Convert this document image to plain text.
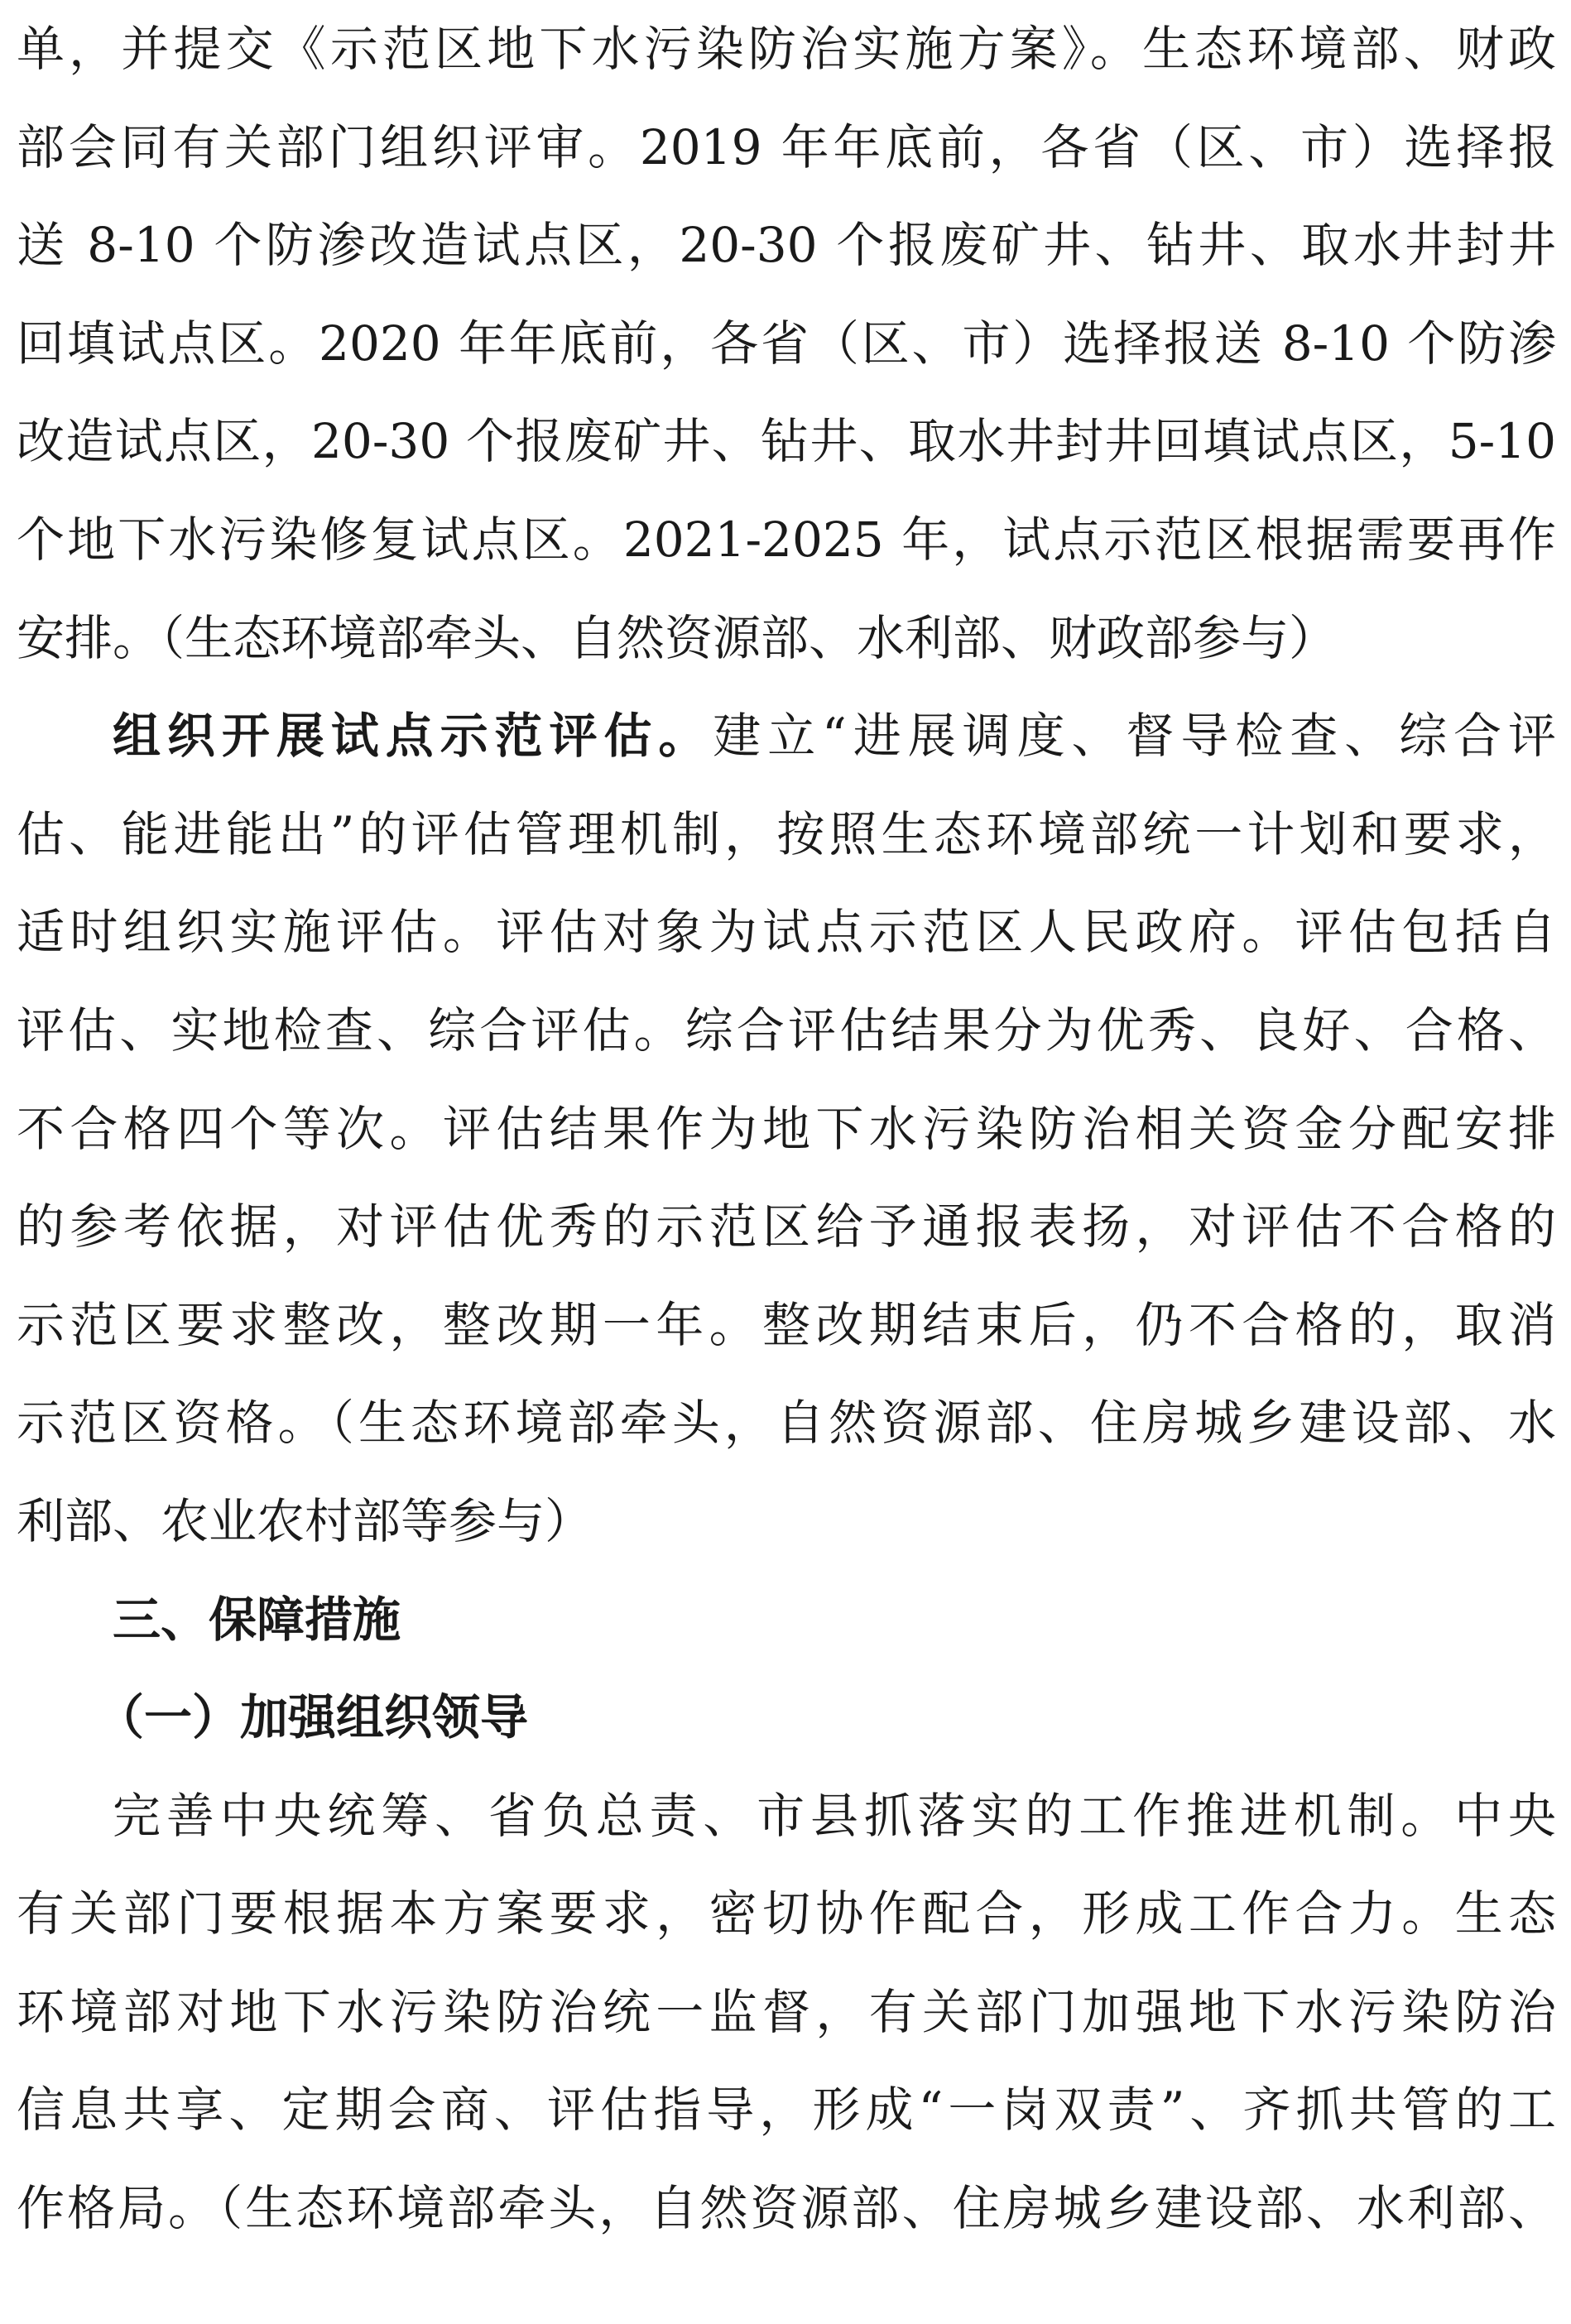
单，并提交《示范区地下水污染防治实施方案》。生态环境部、财政
部会同有关部门组织评审。2019 年年底前，各省（区、市）选择报
送 8-10 个防渗改造试点区，20-30 个报废矿井、钻井、取水井封井
回填试点区。2020 年年底前，各省（区、市）选择报送 8-10 个防渗
改造试点区，20-30 个报废矿井、钻井、取水井封井回填试点区，5-10
个地下水污染修复试点区。2021-2025 年，试点示范区根据需要再作
安排。（生态环境部牵头、自然资源部、水利部、财政部参与）
组织开展试点示范评估。建立“进展调度、督导检查、综合评
估、能进能出”的评估管理机制，按照生态环境部统一计划和要求，
适时组织实施评估。评估对象为试点示范区人民政府。评估包括自
评估、实地检查、综合评估。综合评估结果分为优秀、良好、合格、
不合格四个等次。评估结果作为地下水污染防治相关资金分配安排
的参考依据，对评估优秀的示范区给予通报表扬，对评估不合格的
示范区要求整改，整改期一年。整改期结束后，仍不合格的，取消
示范区资格。（生态环境部牵头，自然资源部、住房城乡建设部、水
利部、农业农村部等参与）
三、保障措施
（一）加强组织领导
完善中央统筹、省负总责、市县抓落实的工作推进机制。中央
有关部门要根据本方案要求，密切协作配合，形成工作合力。生态
环境部对地下水污染防治统一监督，有关部门加强地下水污染防治
信息共享、定期会商、评估指导，形成“一岗双责”、齐抓共管的工
作格局。（生态环境部牵头，自然资源部、住房城乡建设部、水利部、
